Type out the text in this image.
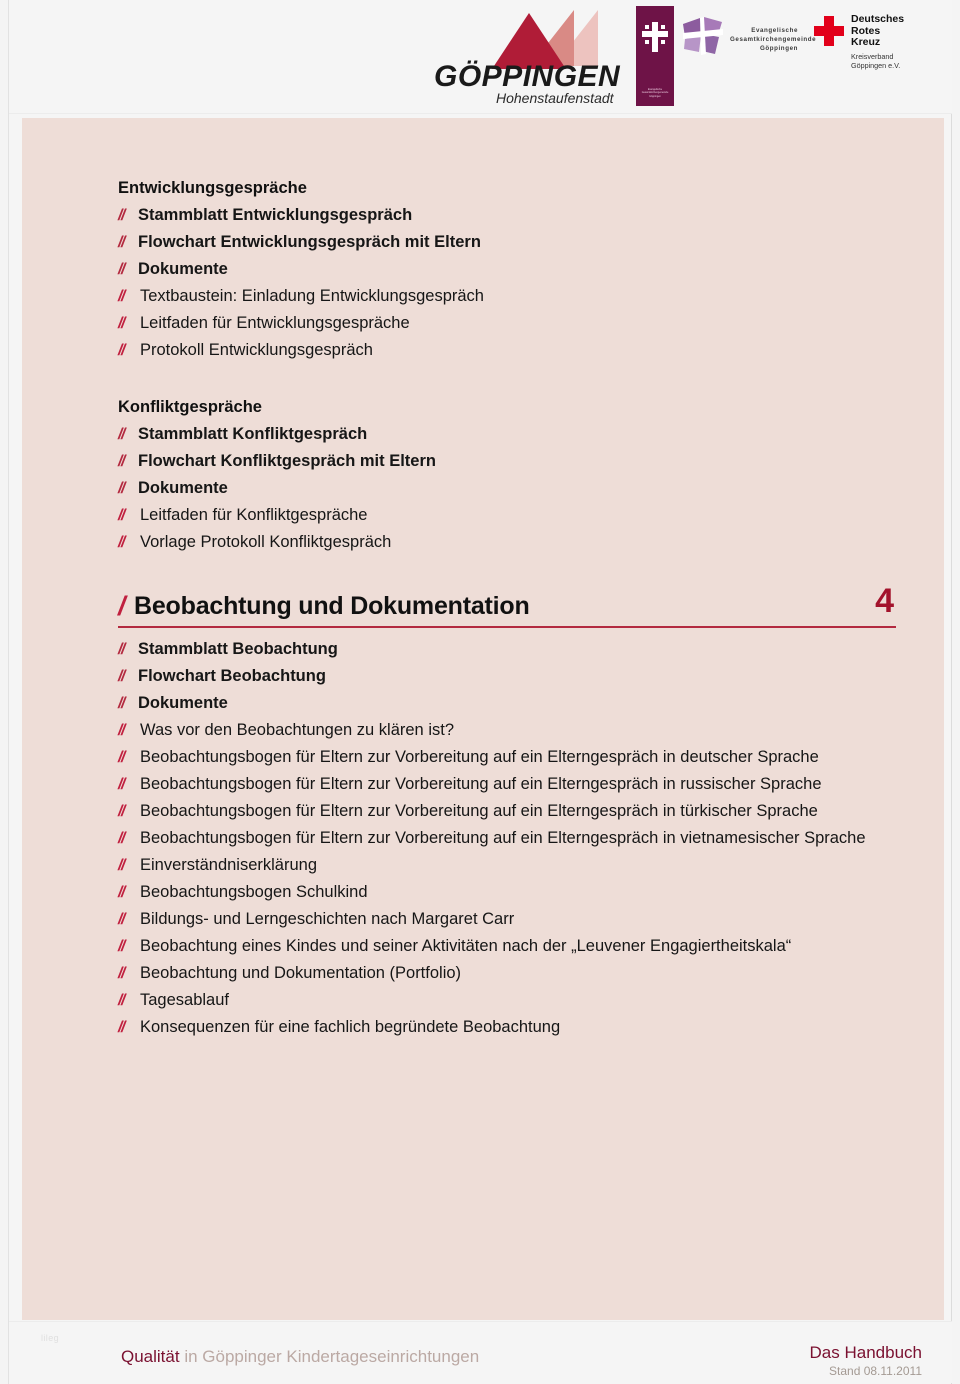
GÖPPINGEN
Hohenstaufenstadt
Evangelische Gesamtkirchengemeinde Göppingen
Evangelische
Gesamtkirchengemeinde
Göppingen
Deutsches
Rotes
Kreuz
Kreisverband
Göppingen e.V.
Entwicklungsgespräche
// Stammblatt Entwicklungsgespräch
// Flowchart Entwicklungsgespräch mit Eltern
// Dokumente
// Textbaustein: Einladung Entwicklungsgespräch
// Leitfaden für Entwicklungsgespräche
// Protokoll Entwicklungsgespräch
Konfliktgespräche
// Stammblatt Konfliktgespräch
// Flowchart Konfliktgespräch mit Eltern
// Dokumente
// Leitfaden für Konfliktgespräche
// Vorlage Protokoll Konfliktgespräch
/ Beobachtung und Dokumentation	4
// Stammblatt Beobachtung
// Flowchart Beobachtung
// Dokumente
// Was vor den Beobachtungen zu klären ist?
// Beobachtungsbogen für Eltern zur Vorbereitung auf ein Elterngespräch in deutscher Sprache
// Beobachtungsbogen für Eltern zur Vorbereitung auf ein Elterngespräch in russischer Sprache
// Beobachtungsbogen für Eltern zur Vorbereitung auf ein Elterngespräch in türkischer Sprache
// Beobachtungsbogen für Eltern zur Vorbereitung auf ein Elterngespräch in vietnamesischer Sprache
// Einverständniserklärung
// Beobachtungsbogen Schulkind
// Bildungs- und Lerngeschichten nach Margaret Carr
// Beobachtung eines Kindes und seiner Aktivitäten nach der „Leuvener Engagiertheitskala“
// Beobachtung und Dokumentation (Portfolio)
// Tagesablauf
// Konsequenzen für eine fachlich begründete Beobachtung
lileg
Qualität in Göppinger Kindertageseinrichtungen	Das Handbuch
Stand 08.11.2011
